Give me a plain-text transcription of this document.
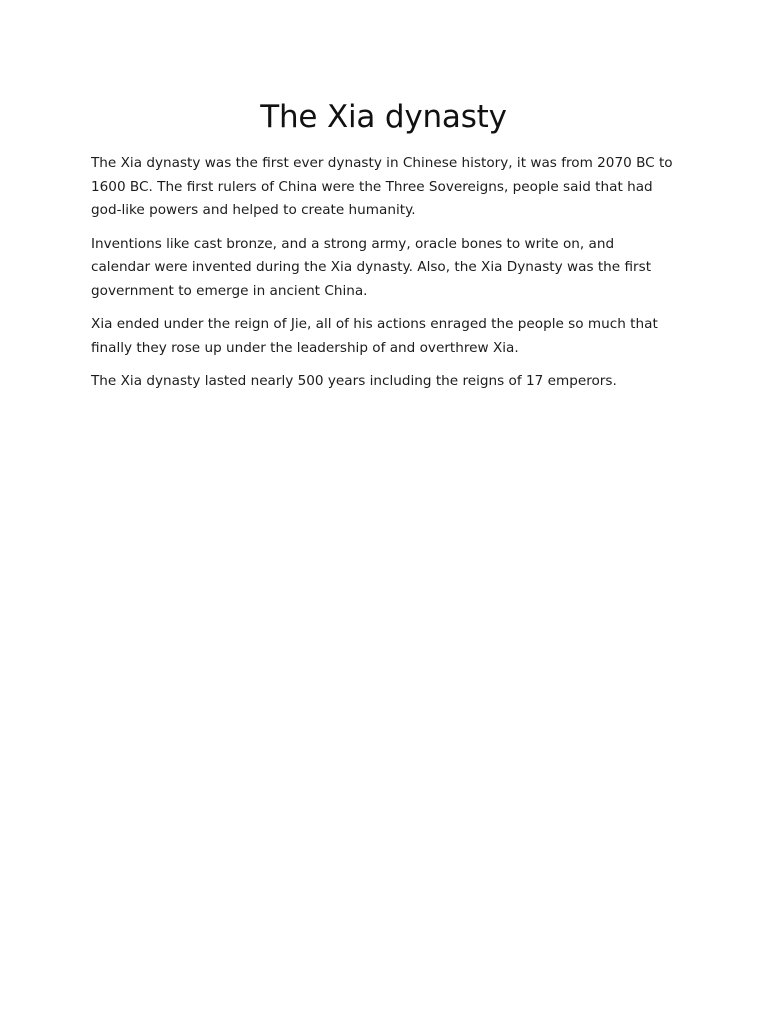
The Xia dynasty

The Xia dynasty was the first ever dynasty in Chinese history, it was from 2070 BC to 1600 BC. The first rulers of China were the Three Sovereigns, people said that had god-like powers and helped to create humanity.

Inventions like cast bronze, and a strong army, oracle bones to write on, and calendar were invented during the Xia dynasty. Also, the Xia Dynasty was the first government to emerge in ancient China.

Xia ended under the reign of Jie, all of his actions enraged the people so much that finally they rose up under the leadership of and overthrew Xia.

The Xia dynasty lasted nearly 500 years including the reigns of 17 emperors.
